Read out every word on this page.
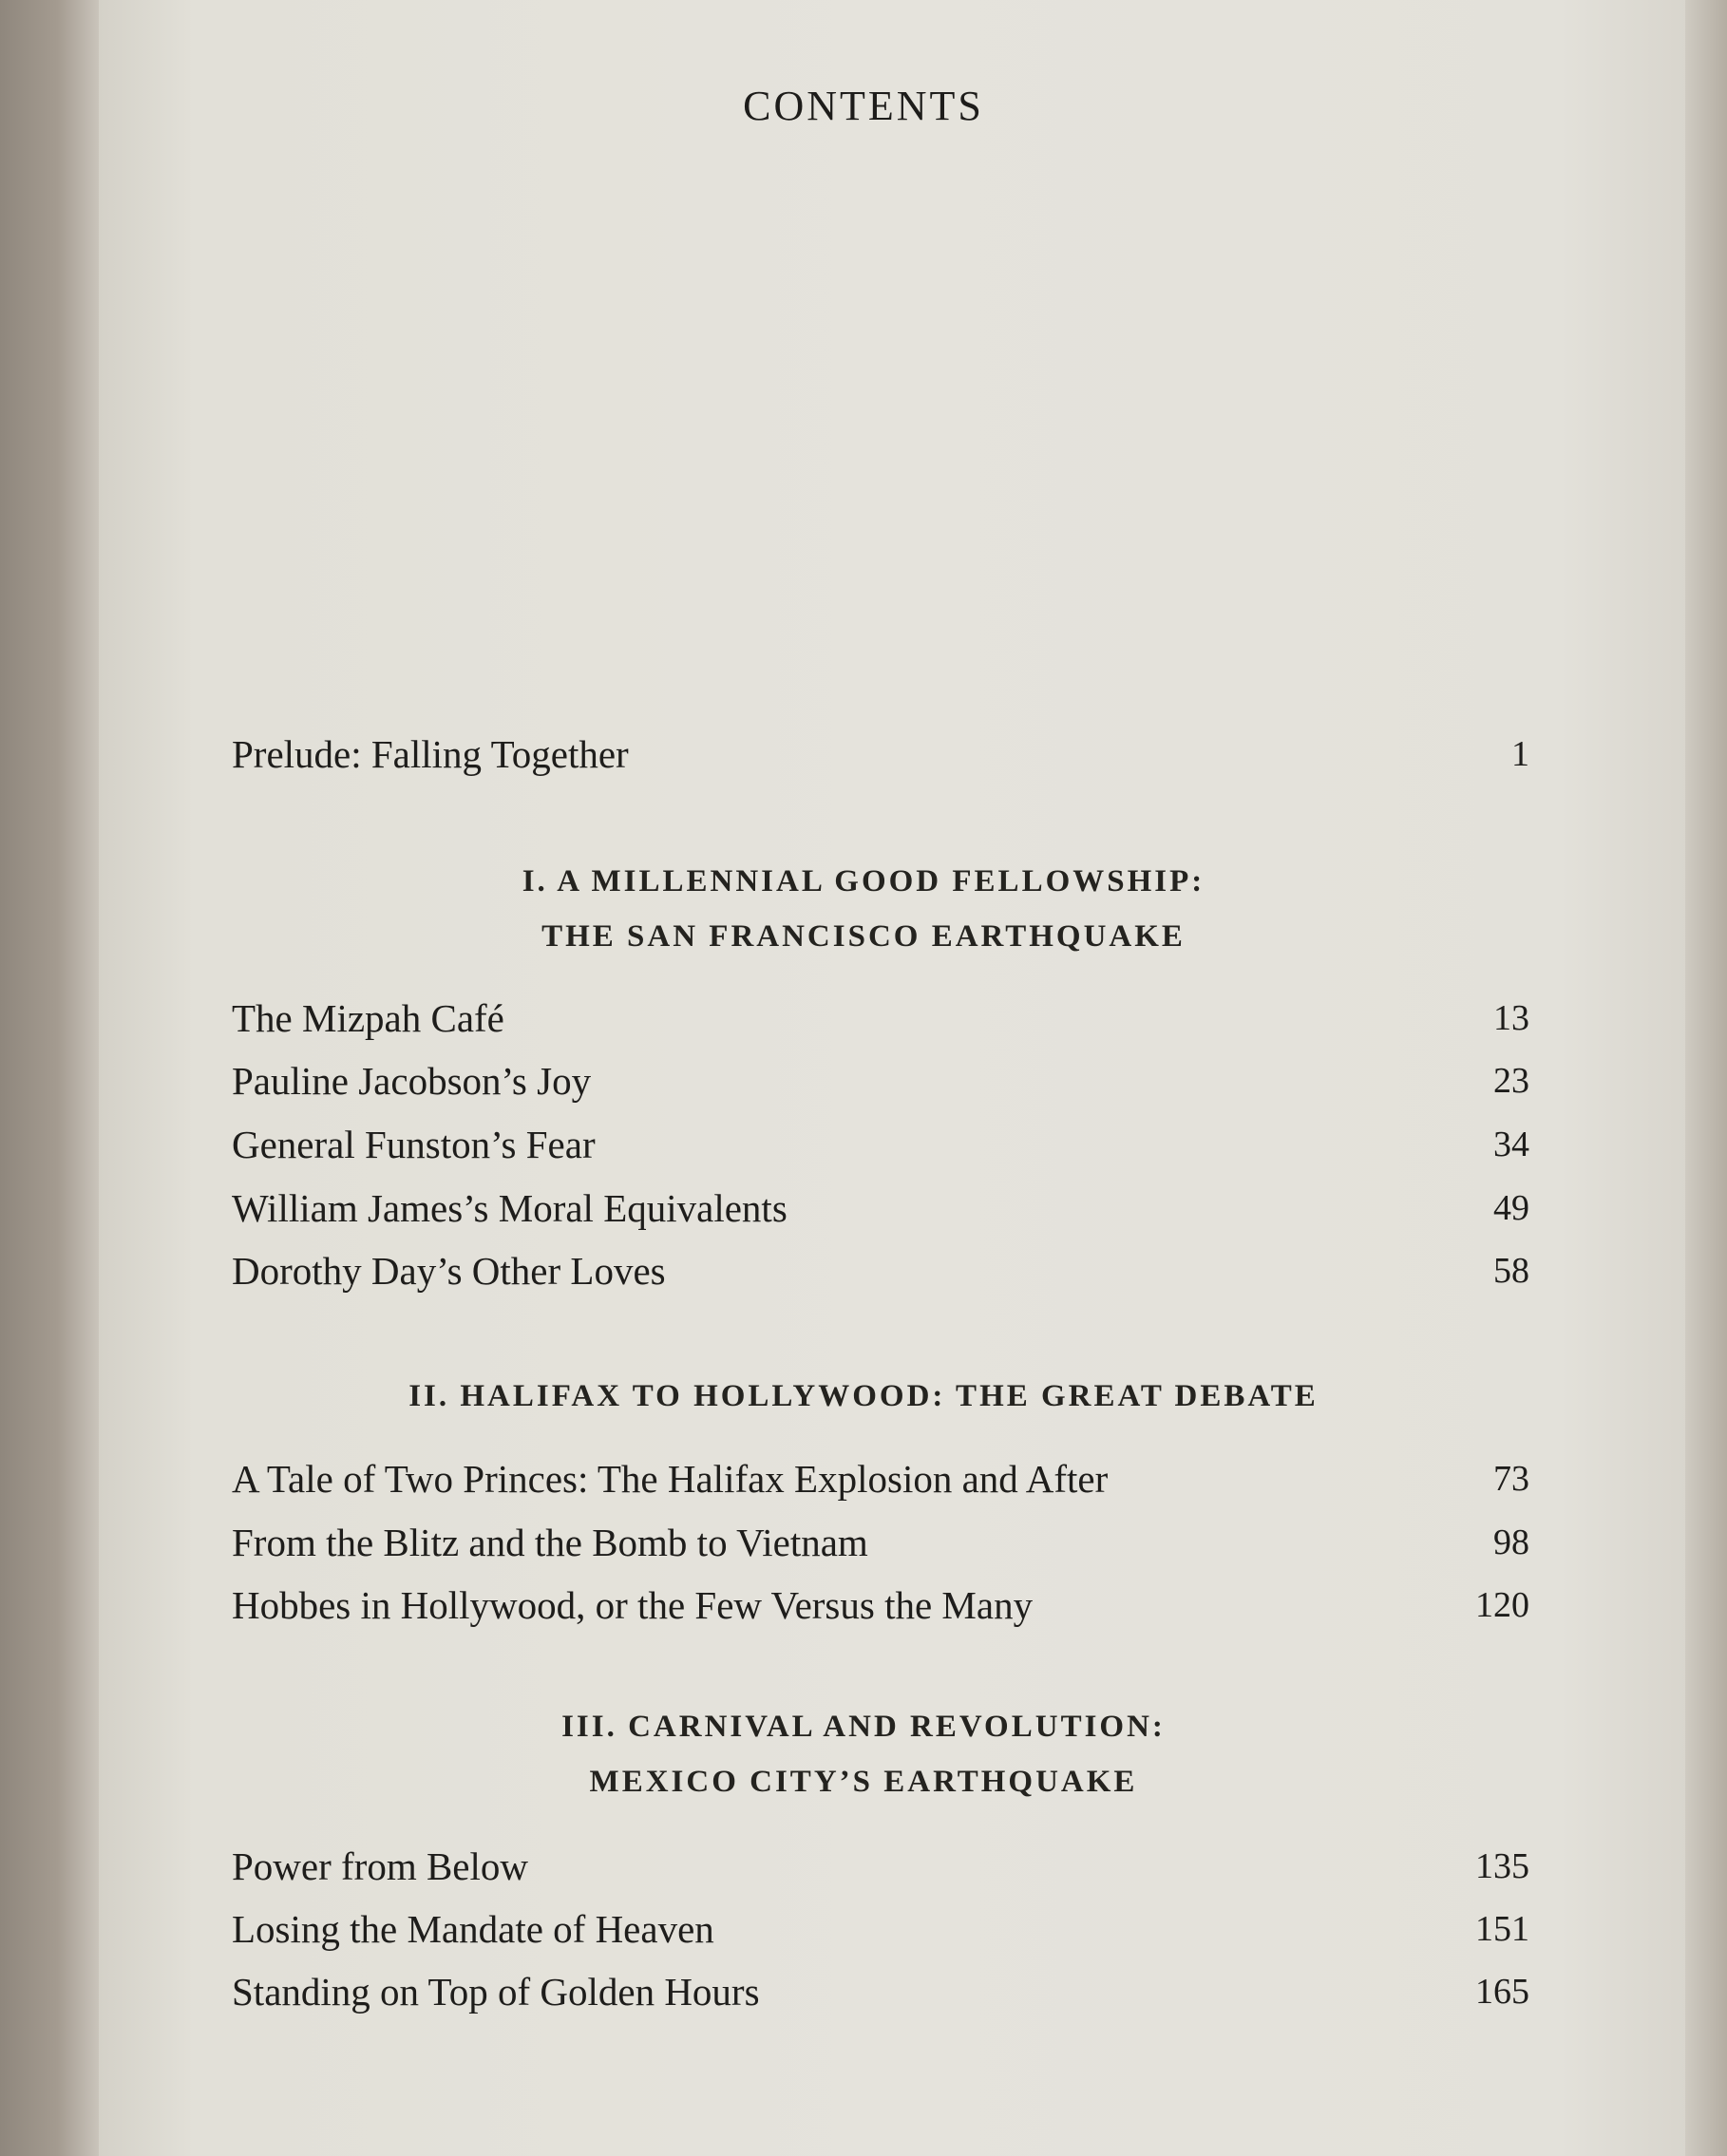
CONTENTS
Prelude: Falling Together	1
I. A MILLENNIAL GOOD FELLOWSHIP:
THE SAN FRANCISCO EARTHQUAKE
The Mizpah Café	13
Pauline Jacobson’s Joy	23
General Funston’s Fear	34
William James’s Moral Equivalents	49
Dorothy Day’s Other Loves	58
II. HALIFAX TO HOLLYWOOD: THE GREAT DEBATE
A Tale of Two Princes: The Halifax Explosion and After	73
From the Blitz and the Bomb to Vietnam	98
Hobbes in Hollywood, or the Few Versus the Many	120
III. CARNIVAL AND REVOLUTION:
MEXICO CITY’S EARTHQUAKE
Power from Below	135
Losing the Mandate of Heaven	151
Standing on Top of Golden Hours	165
